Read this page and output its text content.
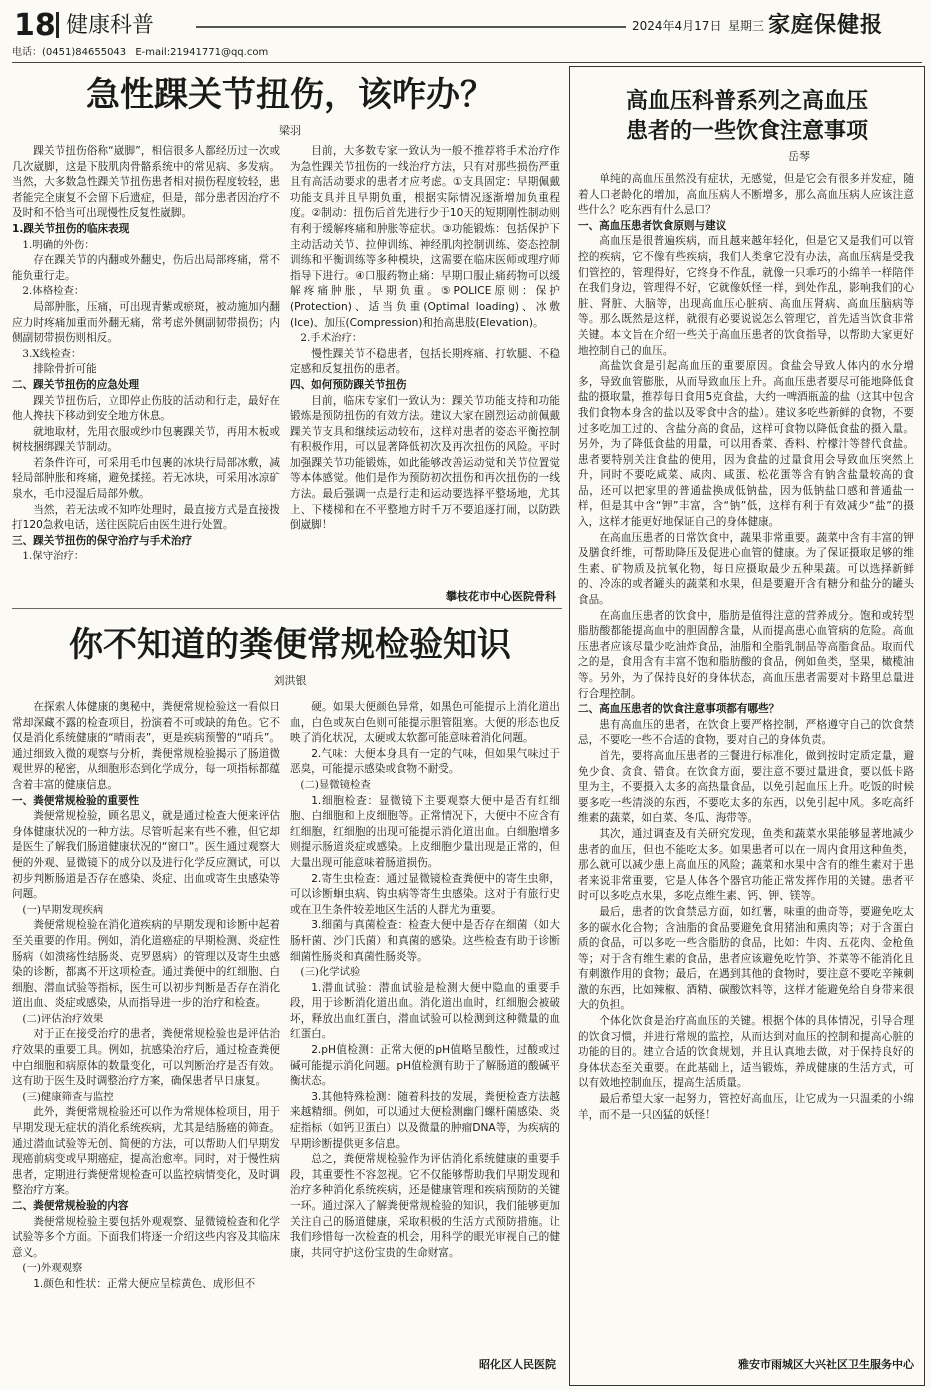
18 健康科普	2024年4月17日 星期三 家庭保健报
电话：(0451)84655043 E-mail:21941771@qq.com
急性踝关节扭伤，该咋办？
梁羽

踝关节扭伤俗称“崴脚”，相信很多人都经历过一次或几次崴脚，这是下肢肌肉骨骼系统中的常见病、多发病。当然，大多数急性踝关节扭伤患者相对损伤程度较轻，患者能完全康复不会留下后遗症，但是，部分患者因治疗不及时和不恰当可出现慢性反复性崴脚。

1.踝关节扭伤的临床表现
1.明确的外伤：

存在踝关节的内翻或外翻史，伤后出局部疼痛，常不能负重行走。

2.体格检查：

局部肿胀，压痛，可出现青紫或瘀斑，被动施加内翻应力时疼痛加重而外翻无痛，常考虑外侧副韧带损伤；内侧副韧带损伤则相反。

3.X线检查：

排除骨折可能

二、踝关节扭伤的应急处理

踝关节扭伤后，立即停止伤肢的活动和行走，最好在他人搀扶下移动到安全地方休息。

就地取材，先用衣服或纱巾包裹踝关节，再用木板或树枝捆绑踝关节制动。

若条件许可，可采用毛巾包裹的冰块行局部冰敷，减轻局部肿胀和疼痛，避免揉搓。若无冰块，可采用冰凉矿泉水，毛巾浸湿后局部外敷。

当然，若无法或不知咋处理时，最直接方式是直接拨打120急救电话，送往医院后由医生进行处置。

三、踝关节扭伤的保守治疗与手术治疗
1.保守治疗：

目前，大多数专家一致认为一般不推荐将手术治疗作为急性踝关节扭伤的一线治疗方法，只有对那些损伤严重且有高活动要求的患者才应考虑。①支具固定：早期佩戴功能支具并且早期负重，根据实际情况逐渐增加负重程度。②制动：扭伤后首先进行少于10天的短期刚性制动则有利于缓解疼痛和肿胀等症状。③功能锻炼：包括保护下主动活动关节、拉伸训练、神经肌肉控制训练、姿态控制训练和平衡训练等多种模块，这需要在临床医师或理疗师指导下进行。④口服药物止痛：早期口服止痛药物可以缓解疼痛肿胀，早期负重。⑤POLICE原则：保护(Protection)、适当负重(Optimal loading)、冰敷(Ice)、加压(Compression)和抬高患肢(Elevation)。

2.手术治疗：

慢性踝关节不稳患者，包括长期疼痛、打软腿、不稳定感和反复扭伤的患者。

四、如何预防踝关节扭伤

目前，临床专家们一致认为：踝关节功能支持和功能锻炼是预防扭伤的有效方法。建议大家在剧烈运动前佩戴踝关节支具和继续运动较布，这样对患者的姿态平衡控制有积极作用，可以显著降低初次及再次扭伤的风险。平时加强踝关节功能锻炼，如此能够改善运动觉和关节位置觉等本体感觉。他们是作为预防初次扭伤和再次扭伤的一线方法。最后强调一点是行走和运动要选择平整场地，尤其上、下楼梯和在不平整地方时千万不要追逐打闹，以防跌倒崴脚！

攀枝花市中心医院骨科
你不知道的粪便常规检验知识
刘洪银

在探索人体健康的奥秘中，粪便常规检验这一看似日常却深藏不露的检查项目，扮演着不可或缺的角色。它不仅是消化系统健康的“晴雨表”，更是疾病预警的“哨兵”。通过细致入微的观察与分析，粪便常规检验揭示了肠道微观世界的秘密，从细胞形态到化学成分，每一项指标都蕴含着丰富的健康信息。

一、粪便常规检验的重要性

粪便常规检验，顾名思义，就是通过检查大便来评估身体健康状况的一种方法。尽管听起来有些不雅，但它却是医生了解我们肠道健康状况的“窗口”。医生通过观察大便的外观、显微镜下的成分以及进行化学反应测试，可以初步判断肠道是否存在感染、炎症、出血或寄生虫感染等问题。

(一)早期发现疾病

粪便常规检验在消化道疾病的早期发现和诊断中起着至关重要的作用。例如，消化道癌症的早期检测、炎症性肠病（如溃疡性结肠炎、克罗恩病）的管理以及寄生虫感染的诊断，都离不开这项检查。通过粪便中的红细胞、白细胞、潜血试验等指标，医生可以初步判断是否存在消化道出血、炎症或感染，从而指导进一步的治疗和检查。

(二)评估治疗效果

对于正在接受治疗的患者，粪便常规检验也是评估治疗效果的重要工具。例如，抗感染治疗后，通过检查粪便中白细胞和病原体的数量变化，可以判断治疗是否有效。这有助于医生及时调整治疗方案，确保患者早日康复。

(三)健康筛查与监控

此外，粪便常规检验还可以作为常规体检项目，用于早期发现无症状的消化系统疾病，尤其是结肠癌的筛查。通过潜血试验等无创、简便的方法，可以帮助人们早期发现癌前病变或早期癌症，提高治愈率。同时，对于慢性病患者，定期进行粪便常规检查可以监控病情变化，及时调整治疗方案。

二、粪便常规检验的内容

粪便常规检验主要包括外观观察、显微镜检查和化学试验等多个方面。下面我们将逐一介绍这些内容及其临床意义。

(一)外观观察

1.颜色和性状：正常大便应呈棕黄色、成形但不

硬。如果大便颜色异常，如黑色可能提示上消化道出血，白色或灰白色则可能提示胆管阻塞。大便的形态也反映了消化状况，太硬或太软都可能意味着消化问题。

2.气味：大便本身具有一定的气味，但如果气味过于恶臭，可能提示感染或食物不耐受。

(二)显微镜检查

1.细胞检查：显微镜下主要观察大便中是否有红细胞、白细胞和上皮细胞等。正常情况下，大便中不应含有红细胞，红细胞的出现可能提示消化道出血。白细胞增多则提示肠道炎症或感染。上皮细胞少量出现是正常的，但大量出现可能意味着肠道损伤。

2.寄生虫检查：通过显微镜检查粪便中的寄生虫卵，可以诊断蛔虫病、钩虫病等寄生虫感染。这对于有旅行史或在卫生条件较差地区生活的人群尤为重要。

3.细菌与真菌检查：检查大便中是否存在细菌（如大肠杆菌、沙门氏菌）和真菌的感染。这些检查有助于诊断细菌性肠炎和真菌性肠炎等。

(三)化学试验

1.潜血试验：潜血试验是检测大便中隐血的重要手段，用于诊断消化道出血。消化道出血时，红细胞会被破坏，释放出血红蛋白，潜血试验可以检测到这种微量的血红蛋白。

2.pH值检测：正常大便的pH值略呈酸性，过酸或过碱可能提示消化问题。pH值检测有助于了解肠道的酸碱平衡状态。

3.其他特殊检测：随着科技的发展，粪便检查方法越来越精细。例如，可以通过大便检测幽门螺杆菌感染、炎症指标（如钙卫蛋白）以及微量的肿瘤DNA等，为疾病的早期诊断提供更多信息。

总之，粪便常规检验作为评估消化系统健康的重要手段，其重要性不容忽视。它不仅能够帮助我们早期发现和治疗多种消化系统疾病，还是健康管理和疾病预防的关键一环。通过深入了解粪便常规检验的知识，我们能够更加关注自己的肠道健康，采取积极的生活方式预防措施。让我们珍惜每一次检查的机会，用科学的眼光审视自己的健康，共同守护这份宝贵的生命财富。

昭化区人民医院
高血压科普系列之高血压
患者的一些饮食注意事项
岳琴

单纯的高血压虽然没有症状，无感觉，但是它会有很多并发症，随着人口老龄化的增加，高血压病人不断增多，那么高血压病人应该注意些什么？吃东西有什么忌口？

一、高血压患者饮食原则与建议

高血压是很普遍疾病，而且越来越年轻化，但是它又是我们可以管控的疾病，它不像有些疾病，我们人类拿它没有办法，高血压病是受我们管控的，管理得好，它终身不作乱，就像一只乖巧的小绵羊一样陪伴在我们身边，管理得不好，它就像妖怪一样，到处作乱，影响我们的心脏、肾脏、大脑等，出现高血压心脏病、高血压肾病、高血压脑病等等。那么既然是这样，就很有必要说说怎么管理它，首先适当饮食非常关键。本文旨在介绍一些关于高血压患者的饮食指导，以帮助大家更好地控制自己的血压。

高盐饮食是引起高血压的重要原因。食盐会导致人体内的水分增多，导致血管膨胀，从而导致血压上升。高血压患者要尽可能地降低食盐的摄取量，推荐每日食用5克食盐，大约一啤酒瓶盖的盐（这其中包含我们食物本身含的盐以及零食中含的盐）。建议多吃些新鲜的食物，不要过多吃加工过的、含盐分高的食品，这样可食物以降低食盐的摄入量。另外，为了降低食盐的用量，可以用香菜、香料、柠檬汁等替代食盐。患者要特别关注食盐的使用，因为食盐的过量食用会导致血压突然上升，同时不要吃咸菜、咸肉、咸蛋、松花蛋等含有钠含盐量较高的食品，还可以把家里的普通盐换成低钠盐，因为低钠盐口感和普通盐一样，但是其中含“钾”丰富，含“钠”低，这样有利于有效减少“盐”的摄入，这样才能更好地保证自己的身体健康。

在高血压患者的日常饮食中，蔬果非常重要。蔬菜中含有丰富的钾及膳食纤维，可帮助降压及促进心血管的健康。为了保证摄取足够的维生素、矿物质及抗氧化物，每日应摄取最少五种果蔬。可以选择新鲜的、冷冻的或者罐头的蔬菜和水果，但是要避开含有糖分和盐分的罐头食品。

在高血压患者的饮食中，脂肪是值得注意的营养成分。饱和或转型脂肪酸都能提高血中的胆固醇含量，从而提高患心血管病的危险。高血压患者应该尽量少吃油炸食品，油脂和全脂乳制品等高脂食品。取而代之的是，食用含有丰富不饱和脂肪酸的食品，例如鱼类，坚果，橄榄油等。另外，为了保持良好的身体状态，高血压患者需要对卡路里总量进行合理控制。

二、高血压患者的饮食注意事项都有哪些？

患有高血压的患者，在饮食上要严格控制，严格遵守自己的饮食禁忌，不要吃一些不合适的食物，要对自己的身体负责。

首先，要将高血压患者的三餐进行标准化，做到按时定质定量，避免少食、贪食、错食。在饮食方面，要注意不要过量进食，要以低卡路里为主，不要摄入太多的高热量食品，以免引起血压上升。吃饭的时候要多吃一些清淡的东西，不要吃太多的东西，以免引起中风。多吃高纤维素的蔬菜，如白菜、冬瓜、海带等。

其次，通过调查及有关研究发现，鱼类和蔬菜水果能够显著地减少患者的血压，但也不能吃太多。如果患者可以在一周内食用这种鱼类，那么就可以减少患上高血压的风险；蔬菜和水果中含有的维生素对于患者来说非常重要，它是人体各个器官功能正常发挥作用的关键。患者平时可以多吃点水果，多吃点维生素、钙、钾、镁等。

最后，患者的饮食禁忌方面，如红薯，味重的曲奇等，要避免吃太多的碳水化合物；含油脂的食品要避免食用猪油和熏肉等；对于含蛋白质的食品，可以多吃一些含脂肪的食品，比如：牛肉、五花肉、金枪鱼等；对于含有维生素的食品，患者应该避免吃竹笋、芥菜等不能消化且有刺激作用的食物；最后，在遇到其他的食物时，要注意不要吃辛辣刺激的东西，比如辣椒、酒精、碳酸饮料等，这样才能避免给自身带来很大的负担。

个体化饮食是治疗高血压的关键。根据个体的具体情况，引导合理的饮食习惯，并进行常规的监控，从而达到对血压的控制和提高心脏的功能的目的。建立合适的饮食规划，并且认真地去做，对于保持良好的身体状态至关重要。在此基础上，适当锻炼，养成健康的生活方式，可以有效地控制血压，提高生活质量。

最后希望大家一起努力，管控好高血压，让它成为一只温柔的小绵羊，而不是一只凶猛的妖怪！

雅安市雨城区大兴社区卫生服务中心
